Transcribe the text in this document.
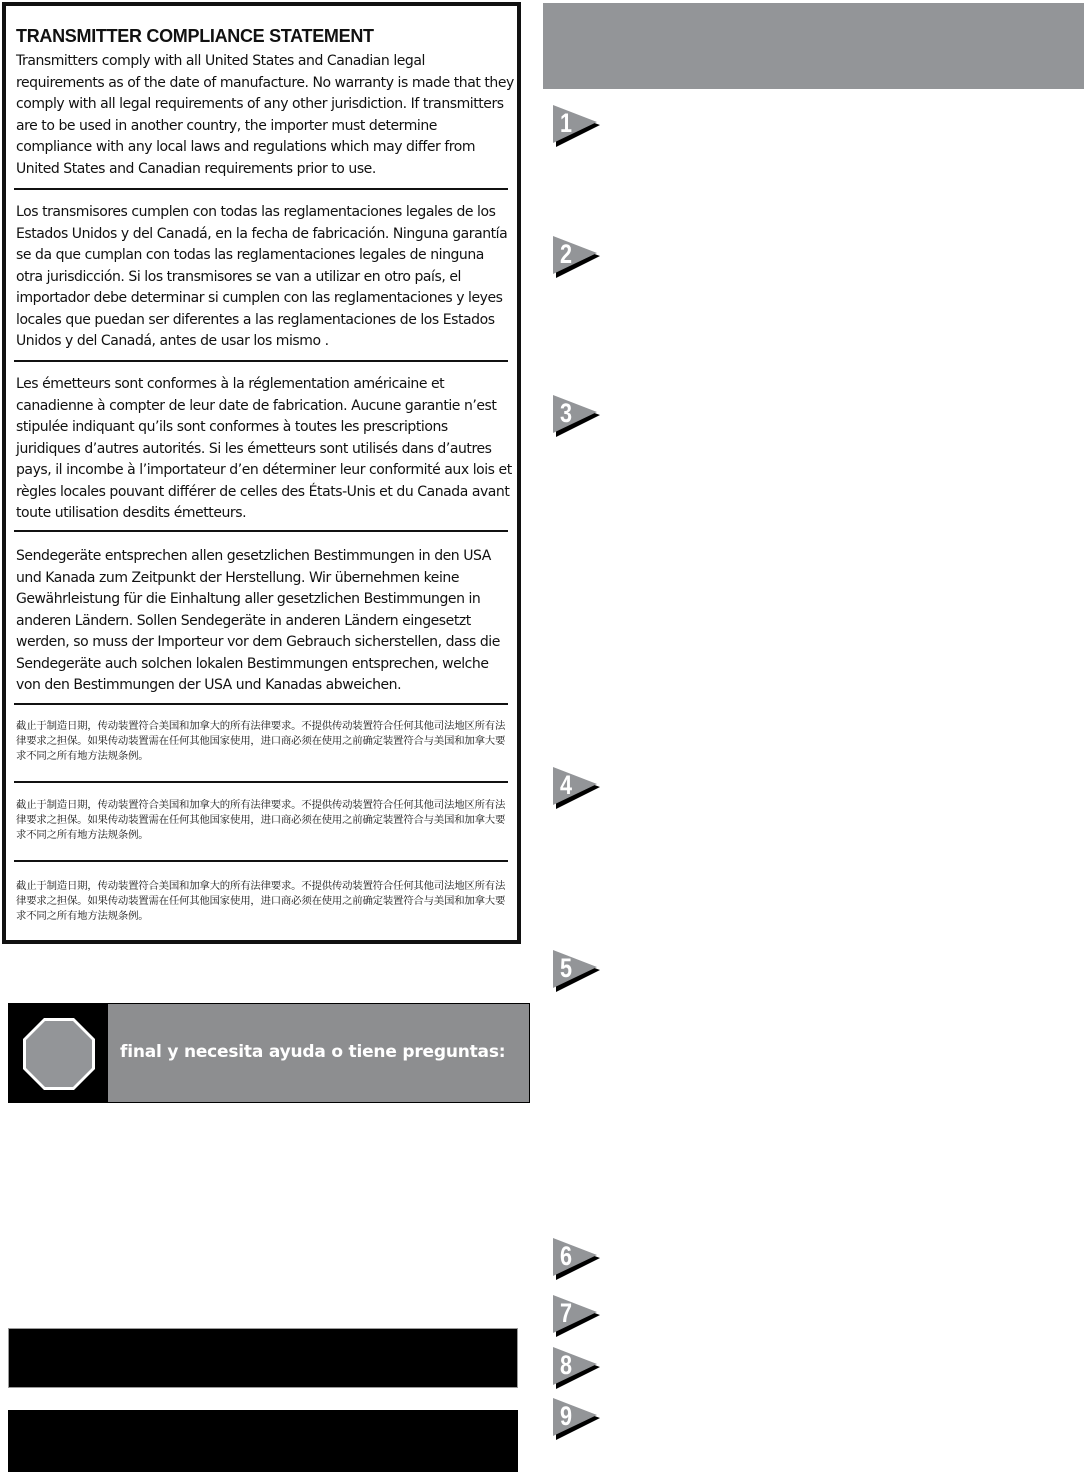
TRANSMITTER COMPLIANCE STATEMENT

Transmitters comply with all United States and Canadian legal requirements as of the date of manufacture. No warranty is made that they comply with all legal requirements of any other jurisdiction. If transmitters are to be used in another country, the importer must determine compliance with any local laws and regulations which may differ from United States and Canadian requirements prior to use.

Los transmisores cumplen con todas las reglamentaciones legales de los Estados Unidos y del Canadá, en la fecha de fabricación. Ninguna garantía se da que cumplan con todas las reglamentaciones legales de ninguna otra jurisdicción. Si los transmisores se van a utilizar en otro país, el importador debe determinar si cumplen con las reglamentaciones y leyes locales que puedan ser diferentes a las reglamentaciones de los Estados Unidos y del Canadá, antes de usar los mismo .

Les émetteurs sont conformes à la réglementation américaine et canadienne à compter de leur date de fabrication. Aucune garantie n’est stipulée indiquant qu’ils sont conformes à toutes les prescriptions juridiques d’autres autorités. Si les émetteurs sont utilisés dans d’autres pays, il incombe à l’importateur d’en déterminer leur conformité aux lois et règles locales pouvant différer de celles des États-Unis et du Canada avant toute utilisation desdits émetteurs.

Sendegeräte entsprechen allen gesetzlichen Bestimmungen in den USA und Kanada zum Zeitpunkt der Herstellung. Wir übernehmen keine Gewährleistung für die Einhaltung aller gesetzlichen Bestimmungen in anderen Ländern. Sollen Sendegeräte in anderen Ländern eingesetzt werden, so muss der Importeur vor dem Gebrauch sicherstellen, dass die Sendegeräte auch solchen lokalen Bestimmungen entsprechen, welche von den Bestimmungen der USA und Kanadas abweichen.

截止于制造日期，传动装置符合美国和加拿大的所有法律要求。不提供传动装置符合任何其他司法地区所有法律要求之担保。如果传动装置需在任何其他国家使用，进口商必须在使用之前确定装置符合与美国和加拿大要求不同之所有地方法规条例。

截止于制造日期，传动装置符合美国和加拿大的所有法律要求。不提供传动装置符合任何其他司法地区所有法律要求之担保。如果传动装置需在任何其他国家使用，进口商必须在使用之前确定装置符合与美国和加拿大要求不同之所有地方法规条例。

截止于制造日期，传动装置符合美国和加拿大的所有法律要求。不提供传动装置符合任何其他司法地区所有法律要求之担保。如果传动装置需在任何其他国家使用，进口商必须在使用之前确定装置符合与美国和加拿大要求不同之所有地方法规条例。

final y necesita ayuda o tiene preguntas:

1
2
3
4
5
6
7
8
9
